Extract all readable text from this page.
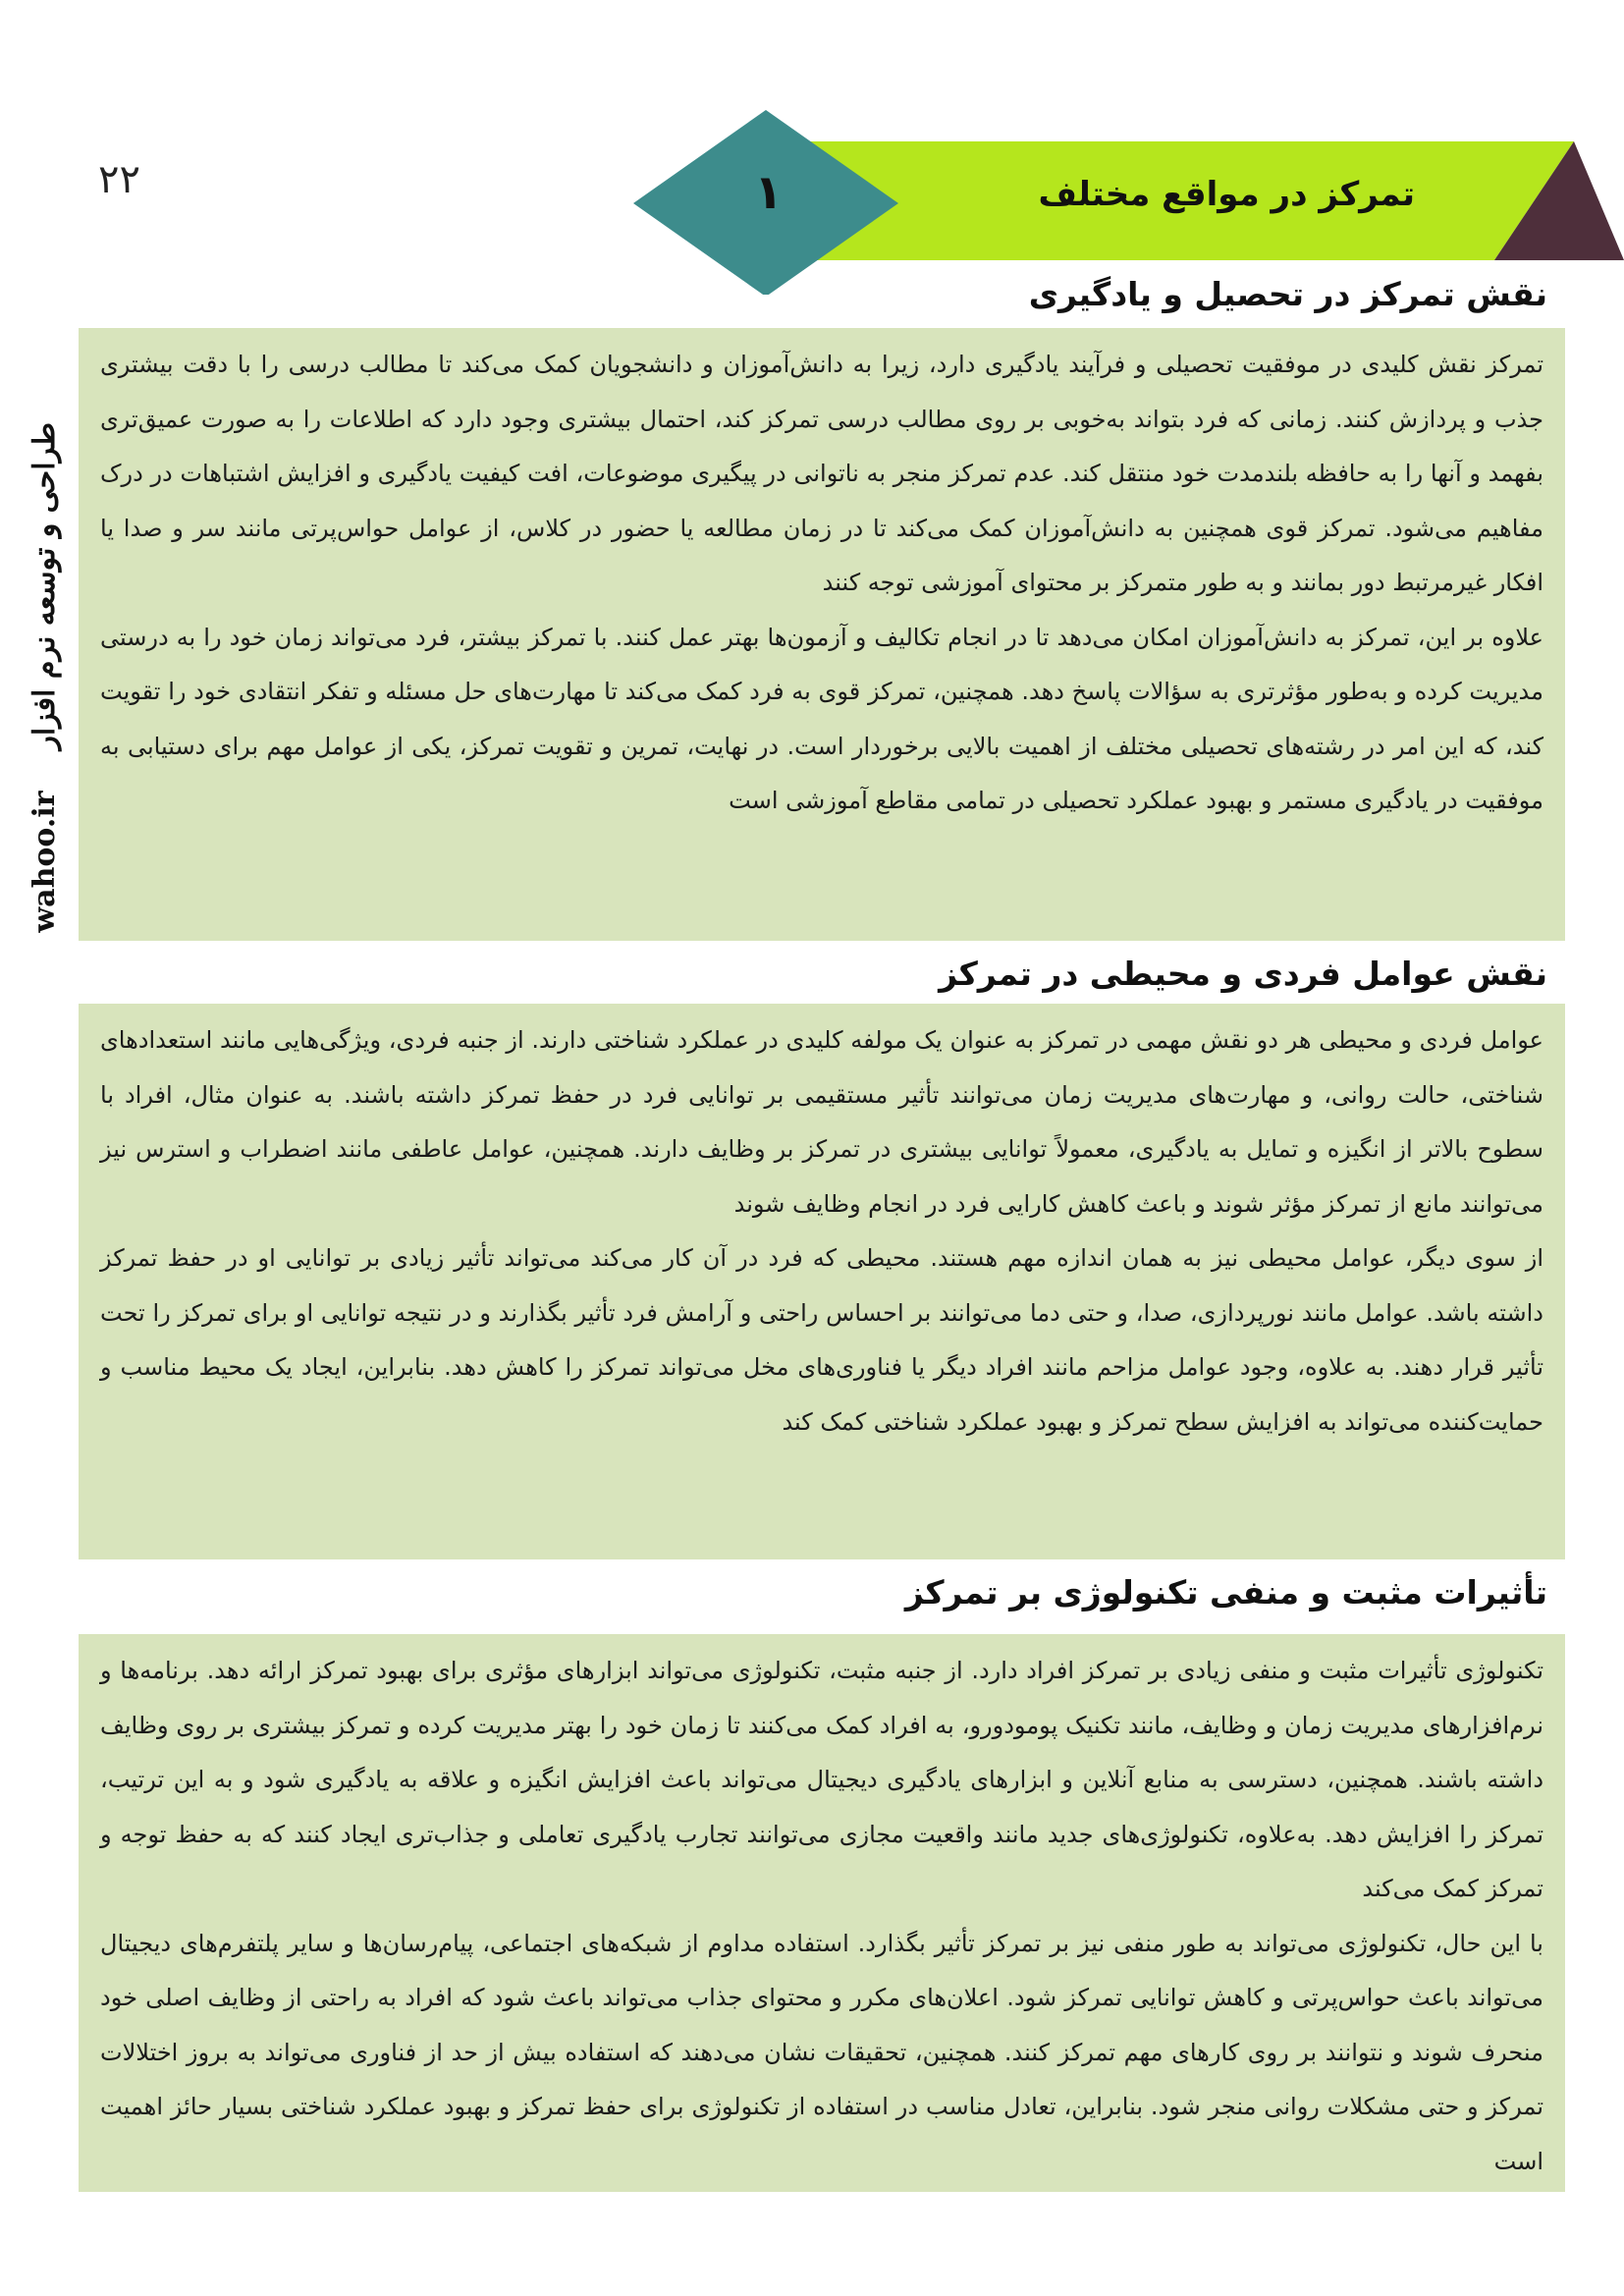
۲۲	۱	تمرکز در مواقع مختلف
wahoo.ir    طراحی و توسعه نرم افزار
نقش تمرکز در تحصیل و یادگیری

تمرکز نقش کلیدی در موفقیت تحصیلی و فرآیند یادگیری دارد، زیرا به دانش‌آموزان و دانشجویان کمک می‌کند تا مطالب درسی را با دقت بیشتری جذب و پردازش کنند. زمانی که فرد بتواند به‌خوبی بر روی مطالب درسی تمرکز کند، احتمال بیشتری وجود دارد که اطلاعات را به صورت عمیق‌تری بفهمد و آنها را به حافظه بلندمدت خود منتقل کند. عدم تمرکز منجر به ناتوانی در پیگیری موضوعات، افت کیفیت یادگیری و افزایش اشتباهات در درک مفاهیم می‌شود. تمرکز قوی همچنین به دانش‌آموزان کمک می‌کند تا در زمان مطالعه یا حضور در کلاس، از عوامل حواس‌پرتی مانند سر و صدا یا افکار غیرمرتبط دور بمانند و به طور متمرکز بر محتوای آموزشی توجه کنند

علاوه بر این، تمرکز به دانش‌آموزان امکان می‌دهد تا در انجام تکالیف و آزمون‌ها بهتر عمل کنند. با تمرکز بیشتر، فرد می‌تواند زمان خود را به درستی مدیریت کرده و به‌طور مؤثرتری به سؤالات پاسخ دهد. همچنین، تمرکز قوی به فرد کمک می‌کند تا مهارت‌های حل مسئله و تفکر انتقادی خود را تقویت کند، که این امر در رشته‌های تحصیلی مختلف از اهمیت بالایی برخوردار است. در نهایت، تمرین و تقویت تمرکز، یکی از عوامل مهم برای دستیابی به موفقیت در یادگیری مستمر و بهبود عملکرد تحصیلی در تمامی مقاطع آموزشی است

نقش عوامل فردی و محیطی در تمرکز

عوامل فردی و محیطی هر دو نقش مهمی در تمرکز به عنوان یک مولفه کلیدی در عملکرد شناختی دارند. از جنبه فردی، ویژگی‌هایی مانند استعدادهای شناختی، حالت روانی، و مهارت‌های مدیریت زمان می‌توانند تأثیر مستقیمی بر توانایی فرد در حفظ تمرکز داشته باشند. به عنوان مثال، افراد با سطوح بالاتر از انگیزه و تمایل به یادگیری، معمولاً توانایی بیشتری در تمرکز بر وظایف دارند. همچنین، عوامل عاطفی مانند اضطراب و استرس نیز می‌توانند مانع از تمرکز مؤثر شوند و باعث کاهش کارایی فرد در انجام وظایف شوند

از سوی دیگر، عوامل محیطی نیز به همان اندازه مهم هستند. محیطی که فرد در آن کار می‌کند می‌تواند تأثیر زیادی بر توانایی او در حفظ تمرکز داشته باشد. عوامل مانند نورپردازی، صدا، و حتی دما می‌توانند بر احساس راحتی و آرامش فرد تأثیر بگذارند و در نتیجه توانایی او برای تمرکز را تحت تأثیر قرار دهند. به علاوه، وجود عوامل مزاحم مانند افراد دیگر یا فناوری‌های مخل می‌تواند تمرکز را کاهش دهد. بنابراین، ایجاد یک محیط مناسب و حمایت‌کننده می‌تواند به افزایش سطح تمرکز و بهبود عملکرد شناختی کمک کند

تأثیرات مثبت و منفی تکنولوژی بر تمرکز

تکنولوژی تأثیرات مثبت و منفی زیادی بر تمرکز افراد دارد. از جنبه مثبت، تکنولوژی می‌تواند ابزارهای مؤثری برای بهبود تمرکز ارائه دهد. برنامه‌ها و نرم‌افزارهای مدیریت زمان و وظایف، مانند تکنیک پومودورو، به افراد کمک می‌کنند تا زمان خود را بهتر مدیریت کرده و تمرکز بیشتری بر روی وظایف داشته باشند. همچنین، دسترسی به منابع آنلاین و ابزارهای یادگیری دیجیتال می‌تواند باعث افزایش انگیزه و علاقه به یادگیری شود و به این ترتیب، تمرکز را افزایش دهد. به‌علاوه، تکنولوژی‌های جدید مانند واقعیت مجازی می‌توانند تجارب یادگیری تعاملی و جذاب‌تری ایجاد کنند که به حفظ توجه و تمرکز کمک می‌کند

با این حال، تکنولوژی می‌تواند به طور منفی نیز بر تمرکز تأثیر بگذارد. استفاده مداوم از شبکه‌های اجتماعی، پیام‌رسان‌ها و سایر پلتفرم‌های دیجیتال می‌تواند باعث حواس‌پرتی و کاهش توانایی تمرکز شود. اعلان‌های مکرر و محتوای جذاب می‌تواند باعث شود که افراد به راحتی از وظایف اصلی خود منحرف شوند و نتوانند بر روی کارهای مهم تمرکز کنند. همچنین، تحقیقات نشان می‌دهند که استفاده بیش از حد از فناوری می‌تواند به بروز اختلالات تمرکز و حتی مشکلات روانی منجر شود. بنابراین، تعادل مناسب در استفاده از تکنولوژی برای حفظ تمرکز و بهبود عملکرد شناختی بسیار حائز اهمیت است
